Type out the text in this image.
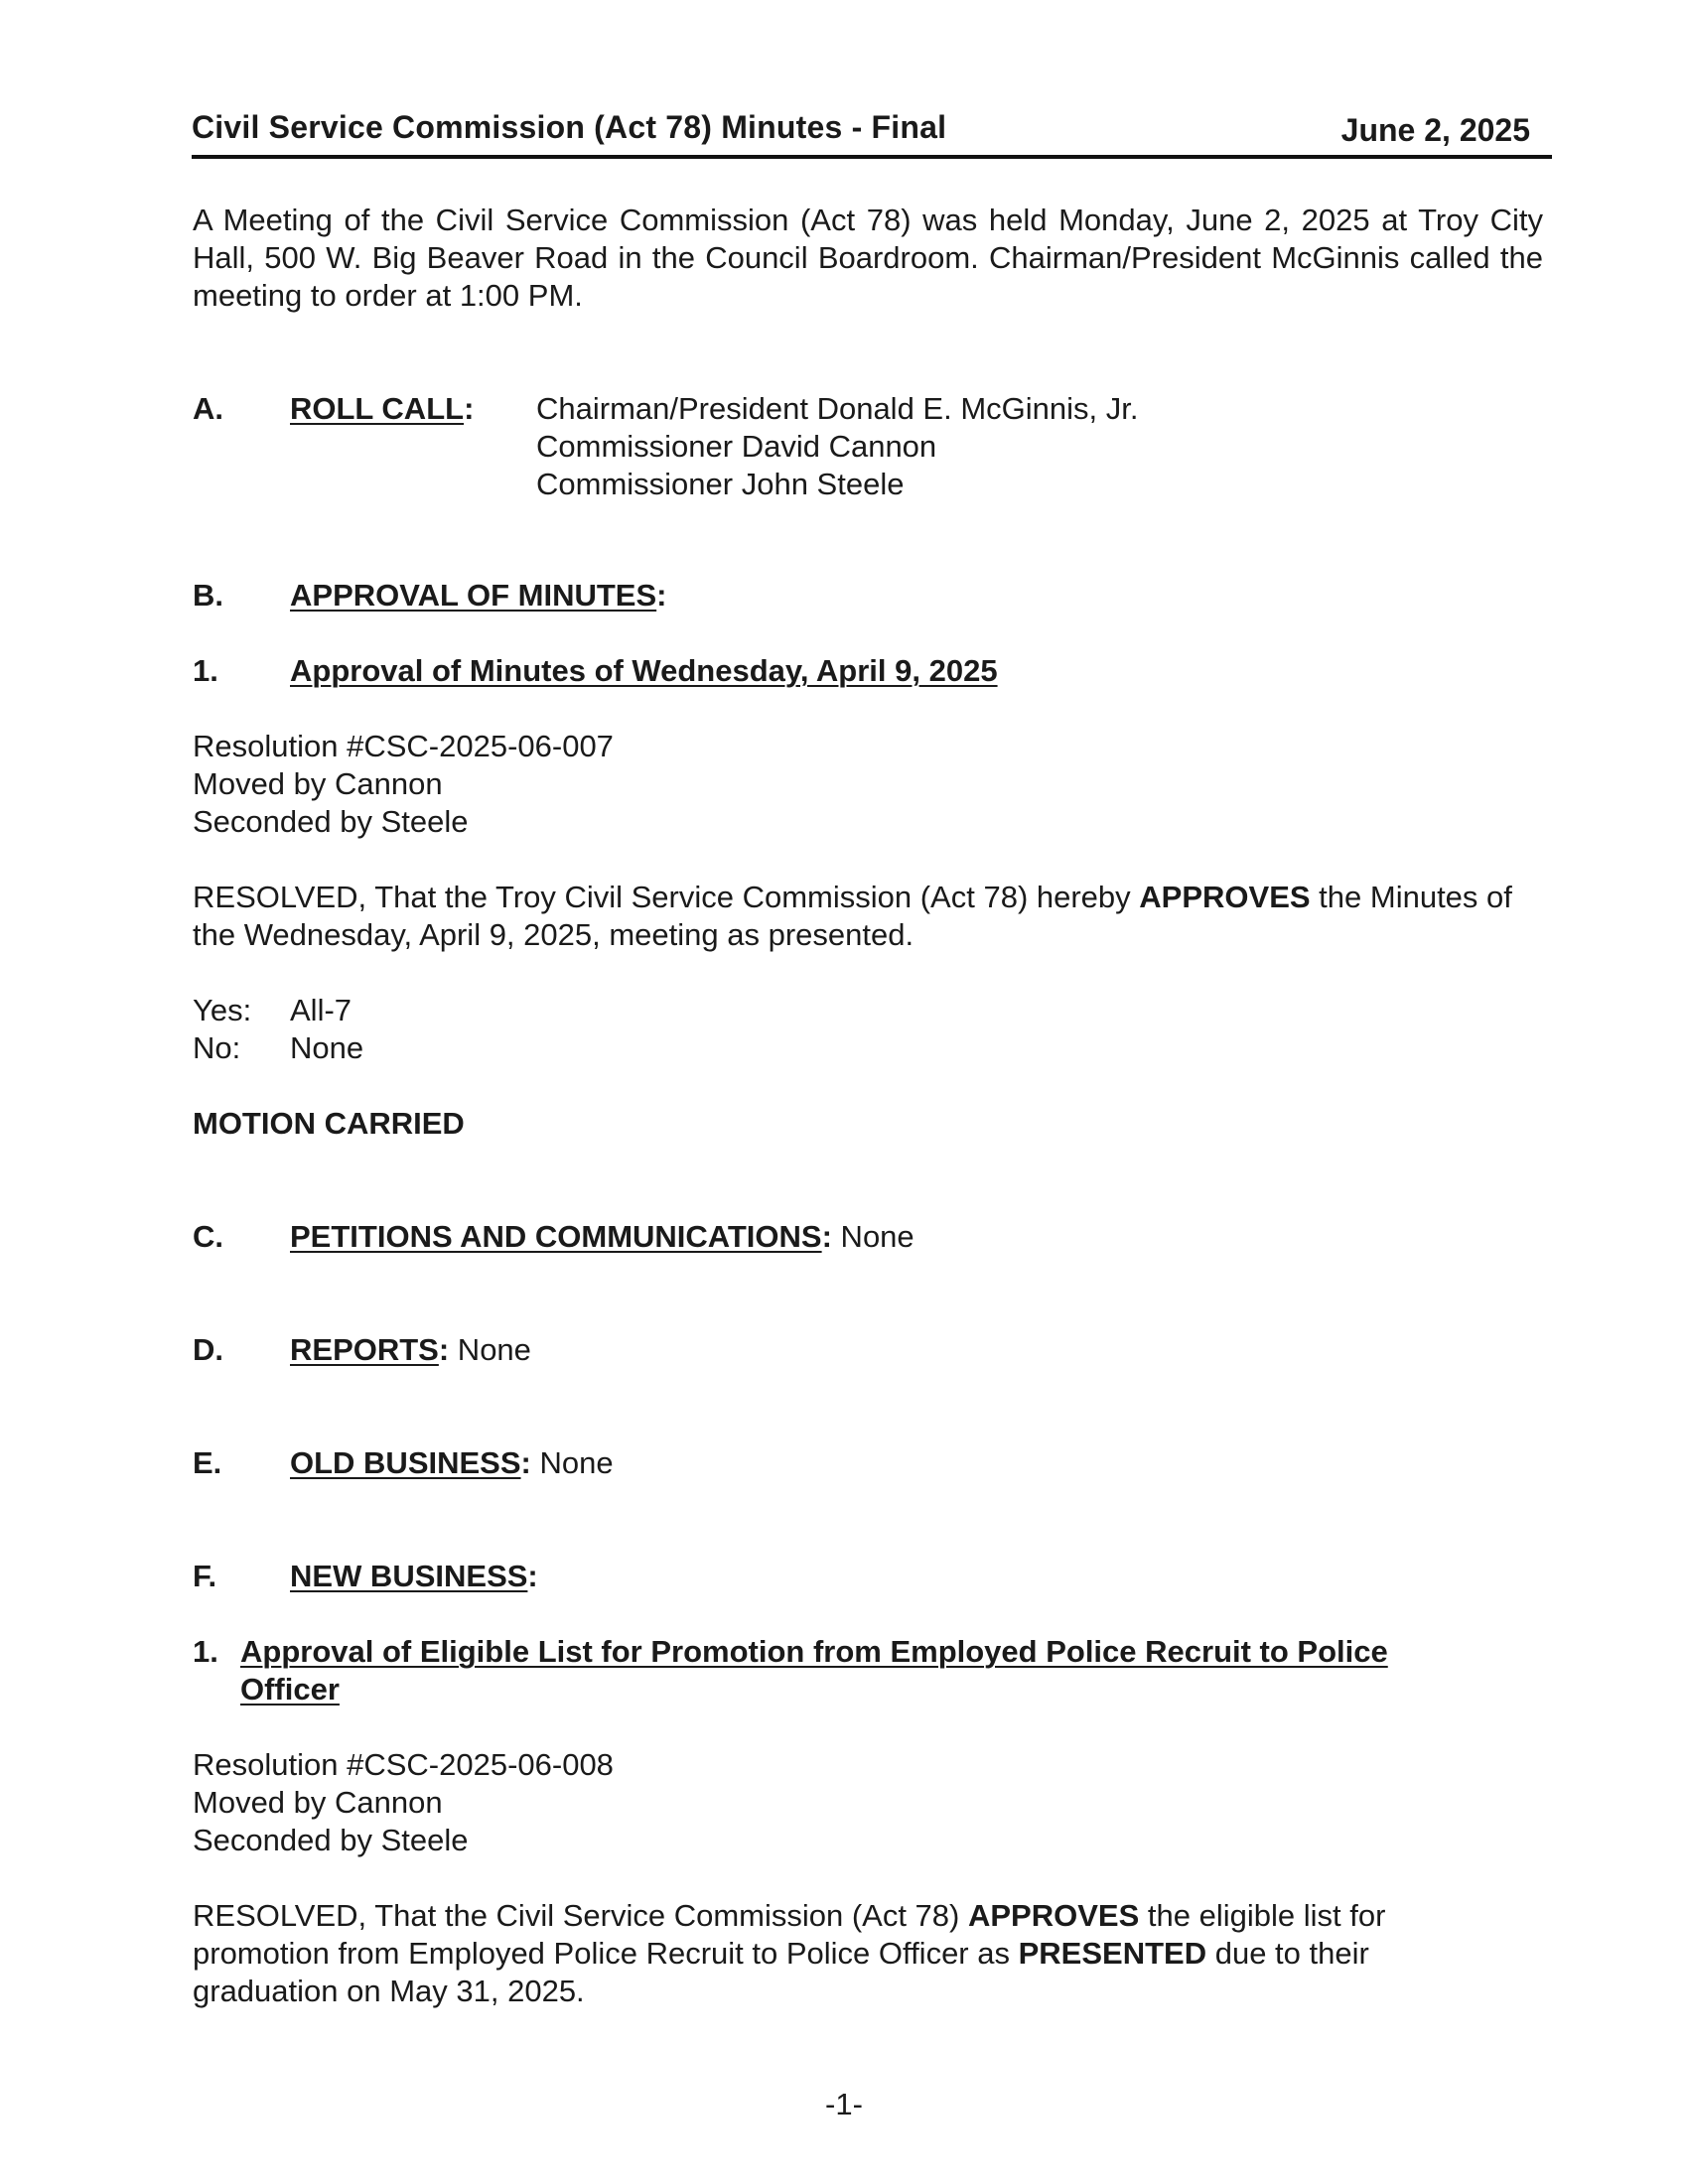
Civil Service Commission (Act 78) Minutes - Final	June 2, 2025
A Meeting of the Civil Service Commission (Act 78) was held Monday, June 2, 2025 at Troy City Hall, 500 W. Big Beaver Road in the Council Boardroom. Chairman/President McGinnis called the meeting to order at 1:00 PM.
A. ROLL CALL: Chairman/President Donald E. McGinnis, Jr.
Commissioner David Cannon
Commissioner John Steele
B. APPROVAL OF MINUTES:
1. Approval of Minutes of Wednesday, April 9, 2025
Resolution #CSC-2025-06-007
Moved by Cannon
Seconded by Steele
RESOLVED, That the Troy Civil Service Commission (Act 78) hereby APPROVES the Minutes of the Wednesday, April 9, 2025, meeting as presented.
Yes: All-7
No: None
MOTION CARRIED
C. PETITIONS AND COMMUNICATIONS: None
D. REPORTS: None
E. OLD BUSINESS: None
F. NEW BUSINESS:
1. Approval of Eligible List for Promotion from Employed Police Recruit to Police
Officer
Resolution #CSC-2025-06-008
Moved by Cannon
Seconded by Steele
RESOLVED, That the Civil Service Commission (Act 78) APPROVES the eligible list for
promotion from Employed Police Recruit to Police Officer as PRESENTED due to their
graduation on May 31, 2025.
-1-
